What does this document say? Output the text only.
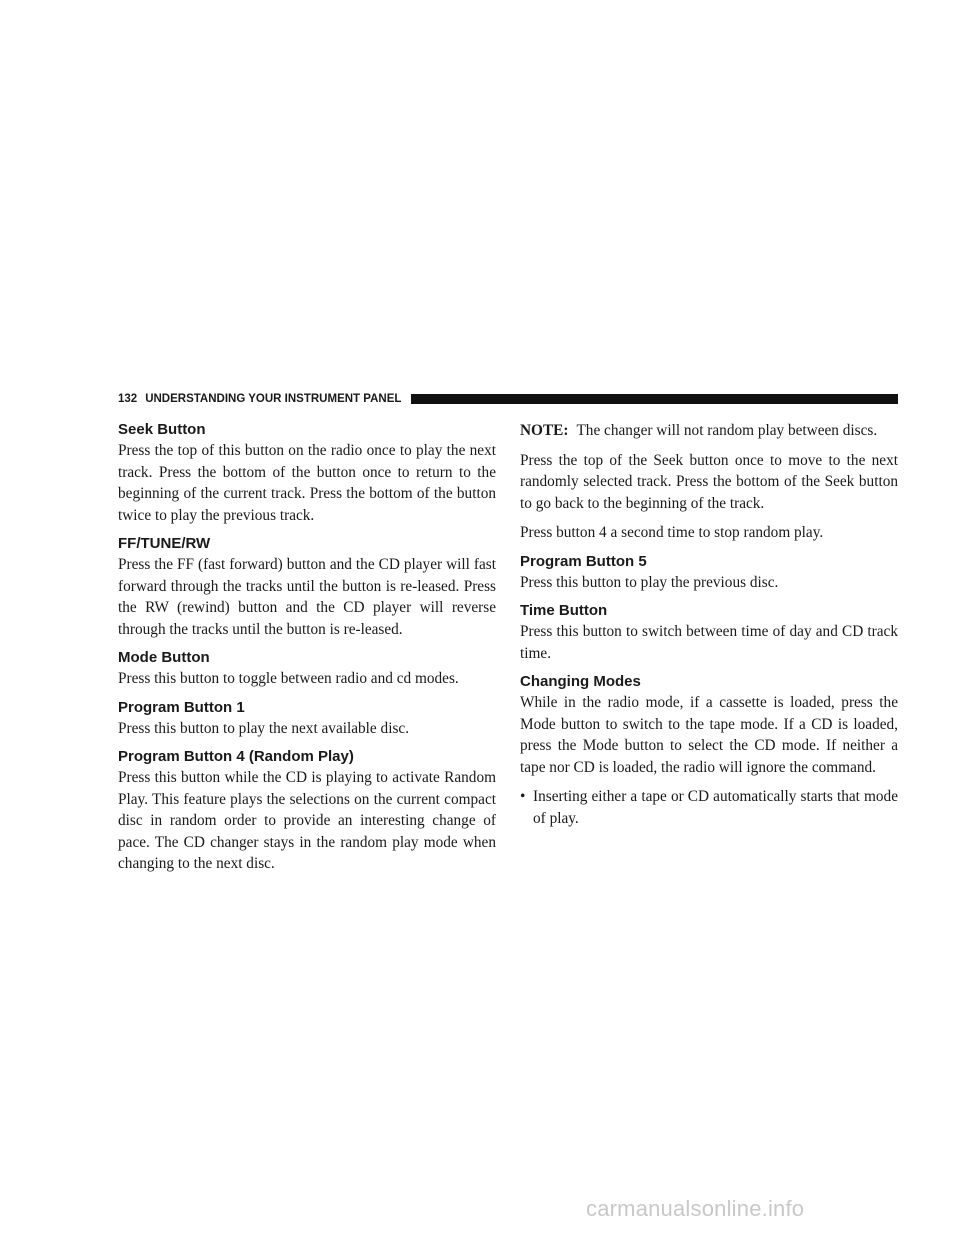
132 UNDERSTANDING YOUR INSTRUMENT PANEL
Seek Button

Press the top of this button on the radio once to play the next track. Press the bottom of the button once to return to the beginning of the current track. Press the bottom of the button twice to play the previous track.

FF/TUNE/RW

Press the FF (fast forward) button and the CD player will fast forward through the tracks until the button is re-leased. Press the RW (rewind) button and the CD player will reverse through the tracks until the button is re-leased.

Mode Button

Press this button to toggle between radio and cd modes.

Program Button 1

Press this button to play the next available disc.

Program Button 4 (Random Play)

Press this button while the CD is playing to activate Random Play. This feature plays the selections on the current compact disc in random order to provide an interesting change of pace. The CD changer stays in the random play mode when changing to the next disc.

NOTE: The changer will not random play between discs.

Press the top of the Seek button once to move to the next randomly selected track. Press the bottom of the Seek button to go back to the beginning of the track.

Press button 4 a second time to stop random play.

Program Button 5

Press this button to play the previous disc.

Time Button

Press this button to switch between time of day and CD track time.

Changing Modes

While in the radio mode, if a cassette is loaded, press the Mode button to switch to the tape mode. If a CD is loaded, press the Mode button to select the CD mode. If neither a tape nor CD is loaded, the radio will ignore the command.

• Inserting either a tape or CD automatically starts that mode of play.
carmanualsonline.info
